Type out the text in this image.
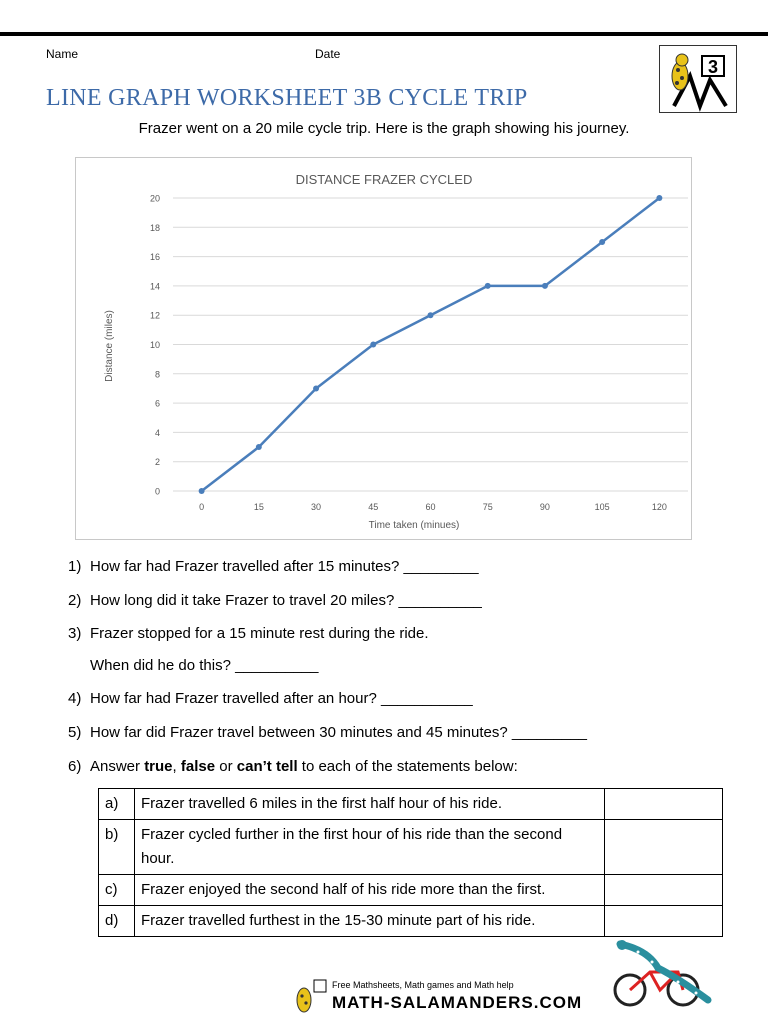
Name	Date
3
LINE GRAPH WORKSHEET 3B CYCLE TRIP
Frazer went on a 20 mile cycle trip. Here is the graph showing his journey.
DISTANCE FRAZER CYCLED
Time taken (minues)
Distance (miles)
0
2
4
6
8
10
12
14
16
18
20
0	15	30	45	60	75	90	105	120
1) How far had Frazer travelled after 15 minutes? _________
2) How long did it take Frazer to travel 20 miles? __________
3) Frazer stopped for a 15 minute rest during the ride.
When did he do this? __________
4) How far had Frazer travelled after an hour? ___________
5) How far did Frazer travel between 30 minutes and 45 minutes? _________
6) Answer true, false or can’t tell to each of the statements below:
a)	Frazer travelled 6 miles in the first half hour of his ride.	
b)	Frazer cycled further in the first hour of his ride than the second hour.	
c)	Frazer enjoyed the second half of his ride more than the first.	
d)	Frazer travelled furthest in the 15-30 minute part of his ride.	
Free Mathsheets, Math games and Math help
MATH-SALAMANDERS.COM
